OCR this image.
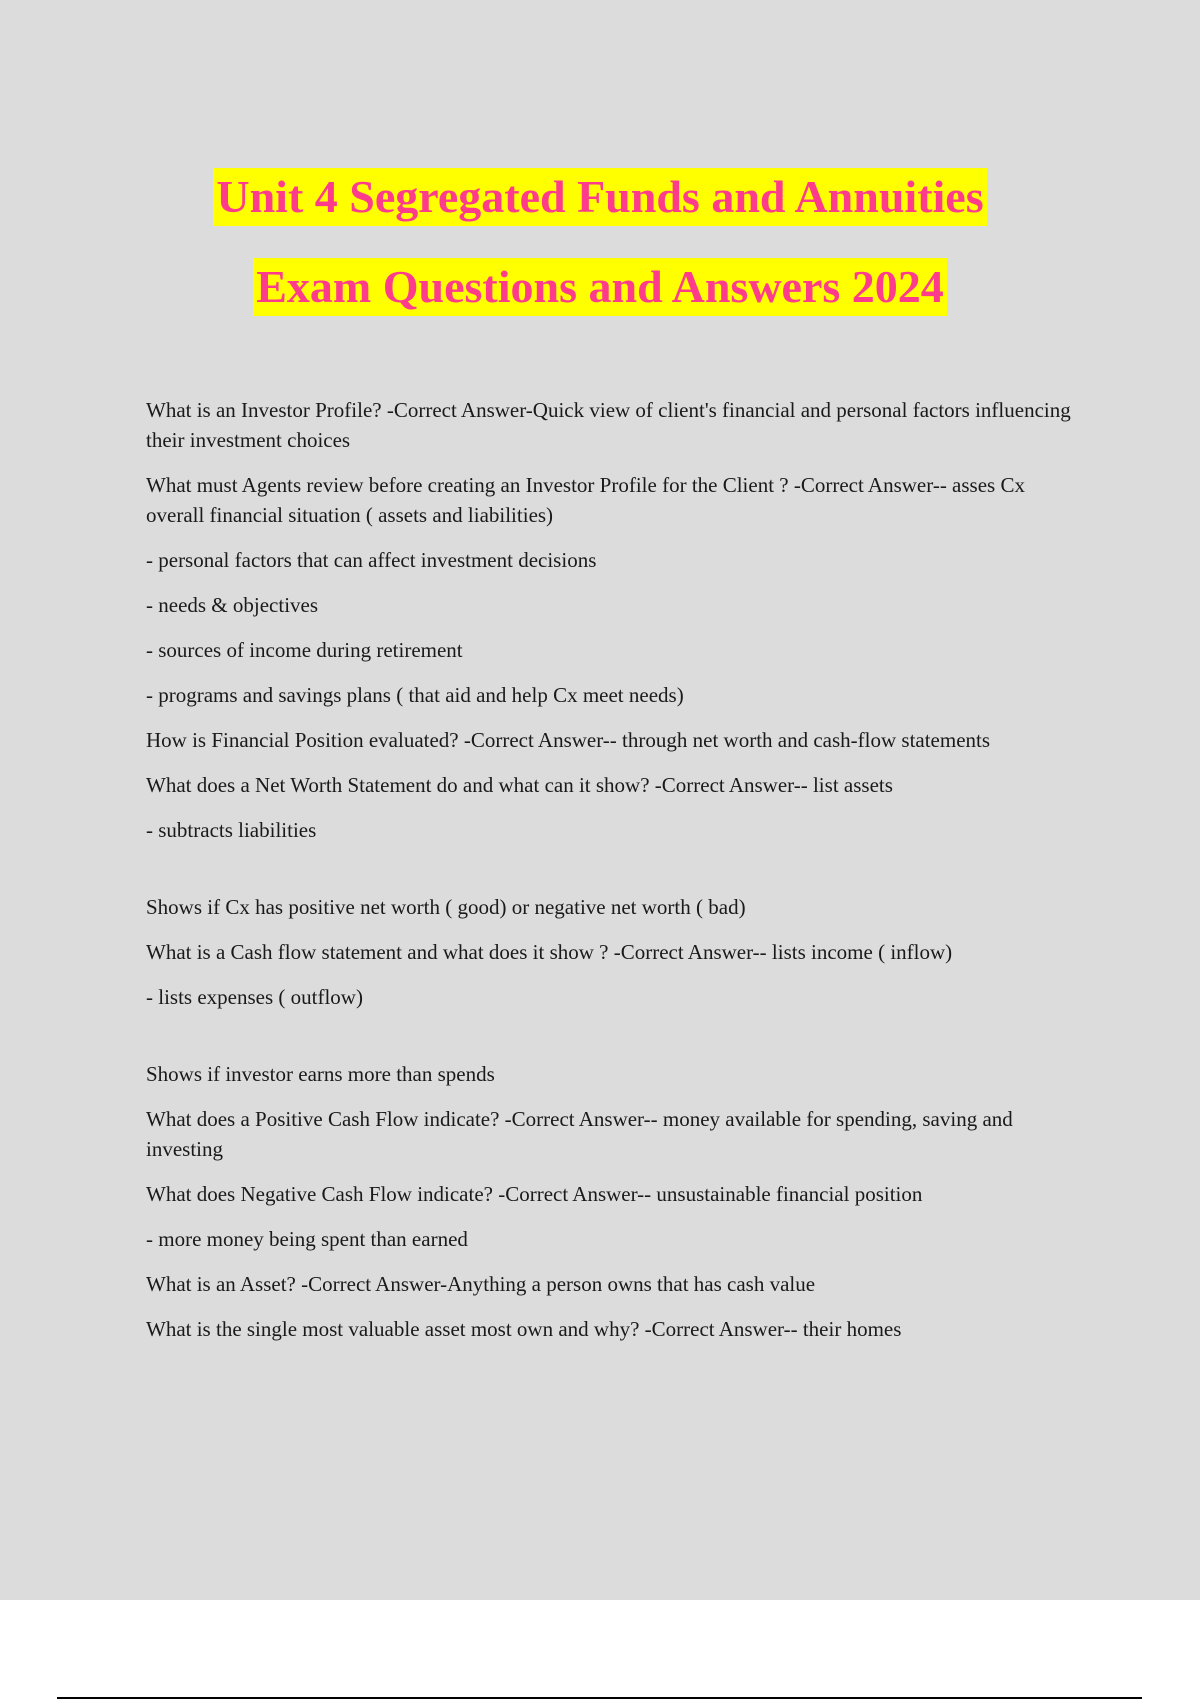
Unit 4 Segregated Funds and Annuities
Exam Questions and Answers 2024

What is an Investor Profile? -Correct Answer-Quick view of client's financial and personal factors influencing their investment choices

What must Agents review before creating an Investor Profile for the Client ? -Correct Answer-- asses Cx overall financial situation ( assets and liabilities)

- personal factors that can affect investment decisions

- needs & objectives

- sources of income during retirement

- programs and savings plans ( that aid and help Cx meet needs)

How is Financial Position evaluated? -Correct Answer-- through net worth and cash-flow statements

What does a Net Worth Statement do and what can it show? -Correct Answer-- list assets

- subtracts liabilities

Shows if Cx has positive net worth ( good) or negative net worth ( bad)

What is a Cash flow statement and what does it show ? -Correct Answer-- lists income ( inflow)

- lists expenses ( outflow)

Shows if investor earns more than spends

What does a Positive Cash Flow indicate? -Correct Answer-- money available for spending, saving and investing

What does Negative Cash Flow indicate? -Correct Answer-- unsustainable financial position

- more money being spent than earned

What is an Asset? -Correct Answer-Anything a person owns that has cash value

What is the single most valuable asset most own and why? -Correct Answer-- their homes
